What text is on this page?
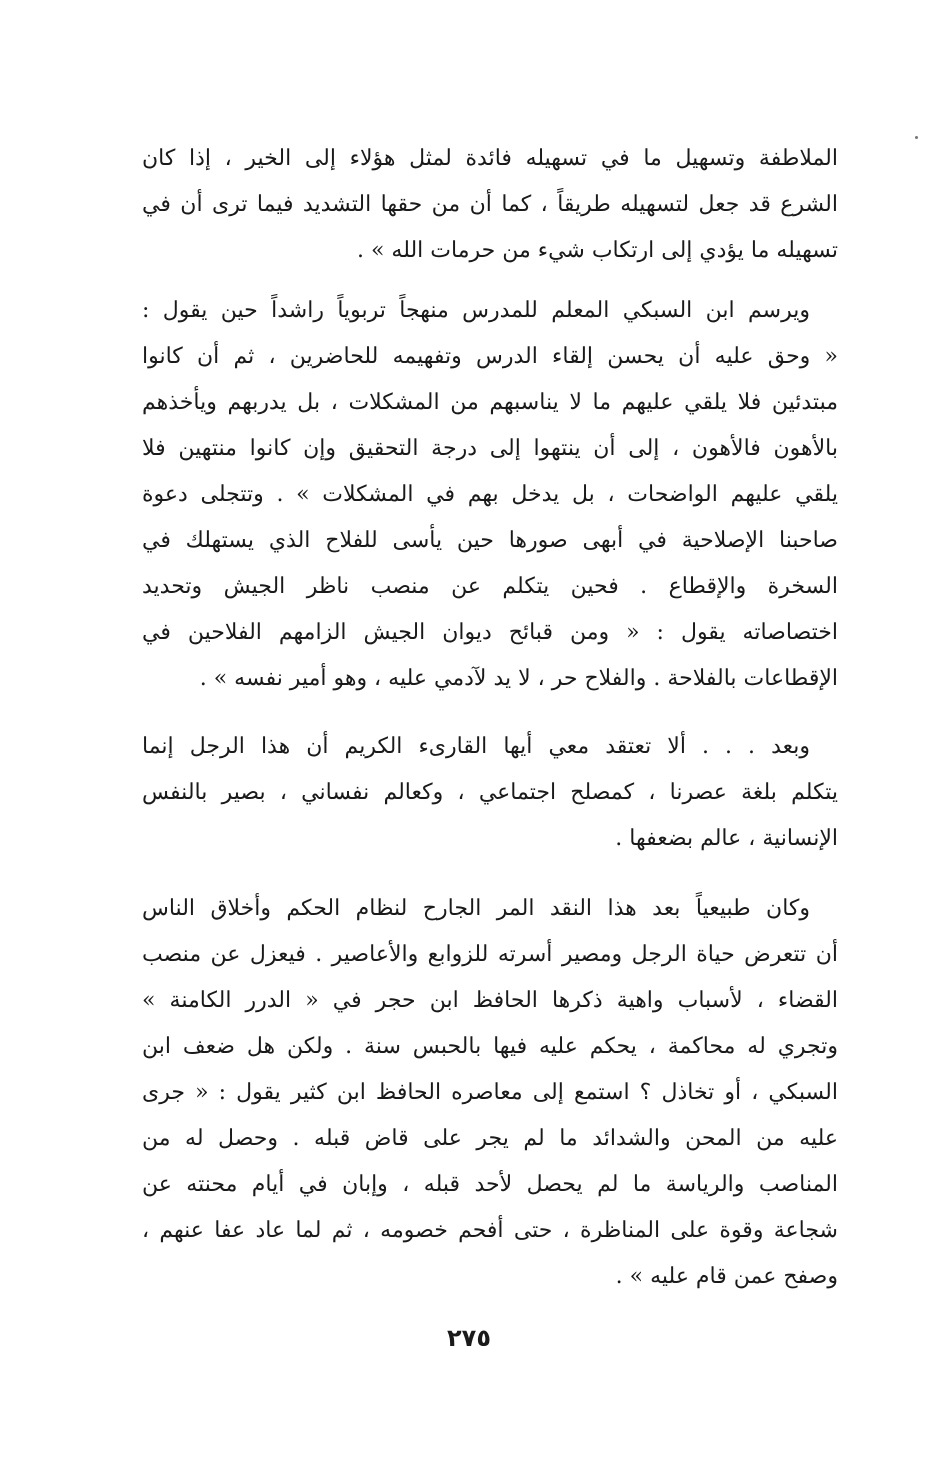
الملاطفة وتسهيل ما في تسهيله فائدة لمثل هؤلاء إلى الخير ، إذا كان
الشرع قد جعل لتسهيله طريقاً ، كما أن من حقها التشديد فيما ترى أن في
تسهيله ما يؤدي إلى ارتكاب شيء من حرمات الله » .
ويرسم ابن السبكي المعلم للمدرس منهجاً تربوياً راشداً حين يقول :
« وحق عليه أن يحسن إلقاء الدرس وتفهيمه للحاضرين ، ثم أن كانوا
مبتدئين فلا يلقي عليهم ما لا يناسبهم من المشكلات ، بل يدربهم ويأخذهم
بالأهون فالأهون ، إلى أن ينتهوا إلى درجة التحقيق وإن كانوا منتهين فلا
يلقي عليهم الواضحات ، بل يدخل بهم في المشكلات » . وتتجلى دعوة
صاحبنا الإصلاحية في أبهى صورها حين يأسى للفلاح الذي يستهلك في
السخرة والإقطاع . فحين يتكلم عن منصب ناظر الجيش وتحديد
اختصاصاته يقول : « ومن قبائح ديوان الجيش الزامهم الفلاحين في
الإقطاعات بالفلاحة . والفلاح حر ، لا يد لآدمي عليه ، وهو أمير نفسه » .
وبعد . . . ألا تعتقد معي أيها القارىء الكريم أن هذا الرجل إنما
يتكلم بلغة عصرنا ، كمصلح اجتماعي ، وكعالم نفساني ، بصير بالنفس
الإنسانية ، عالم بضعفها .
وكان طبيعياً بعد هذا النقد المر الجارح لنظام الحكم وأخلاق الناس
أن تتعرض حياة الرجل ومصير أسرته للزوابع والأعاصير . فيعزل عن منصب
القضاء ، لأسباب واهية ذكرها الحافظ ابن حجر في « الدرر الكامنة »
وتجري له محاكمة ، يحكم عليه فيها بالحبس سنة . ولكن هل ضعف ابن
السبكي ، أو تخاذل ؟ استمع إلى معاصره الحافظ ابن كثير يقول : « جرى
عليه من المحن والشدائد ما لم يجر على قاض قبله . وحصل له من
المناصب والرياسة ما لم يحصل لأحد قبله ، وإبان في أيام محنته عن
شجاعة وقوة على المناظرة ، حتى أفحم خصومه ، ثم لما عاد عفا عنهم ،
وصفح عمن قام عليه » .
٢٧٥
